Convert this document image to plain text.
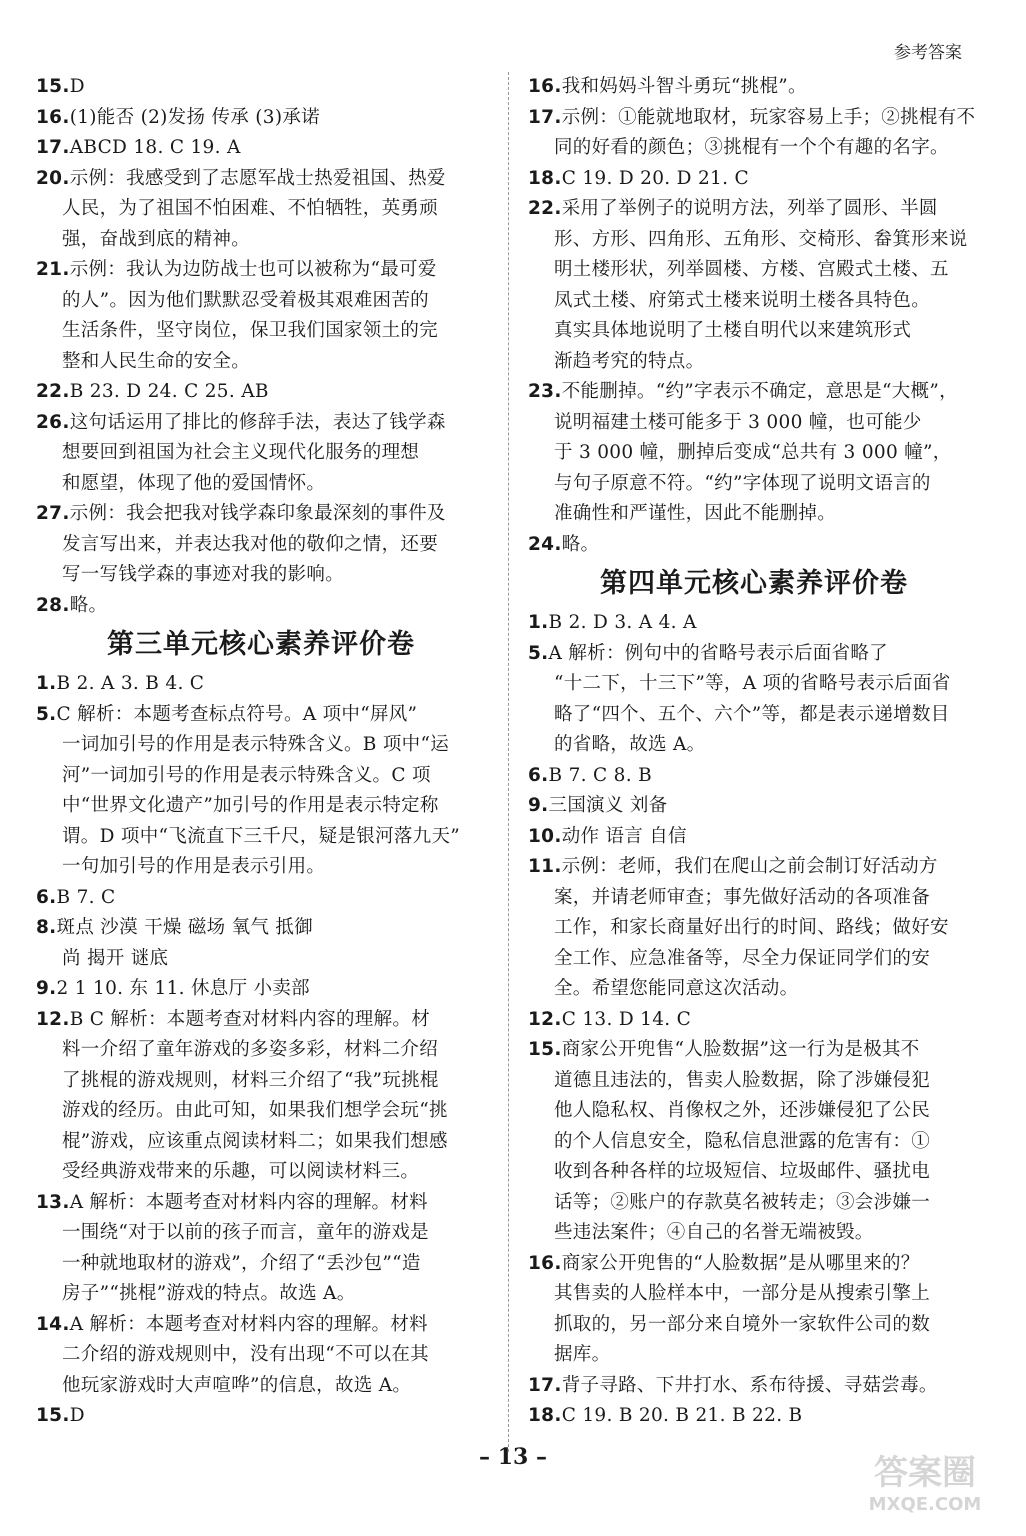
参考答案
15.D
16.(1)能否 (2)发扬 传承 (3)承诺
17.ABCD 18. C 19. A
20.示例：我感受到了志愿军战士热爱祖国、热爱
人民，为了祖国不怕困难、不怕牺牲，英勇顽
强，奋战到底的精神。
21.示例：我认为边防战士也可以被称为“最可爱
的人”。因为他们默默忍受着极其艰难困苦的
生活条件，坚守岗位，保卫我们国家领土的完
整和人民生命的安全。
22.B 23. D 24. C 25. AB
26.这句话运用了排比的修辞手法，表达了钱学森
想要回到祖国为社会主义现代化服务的理想
和愿望，体现了他的爱国情怀。
27.示例：我会把我对钱学森印象最深刻的事件及
发言写出来，并表达我对他的敬仰之情，还要
写一写钱学森的事迹对我的影响。
28.略。
第三单元核心素养评价卷
1.B 2. A 3. B 4. C
5.C 解析：本题考查标点符号。A 项中“屏风”
一词加引号的作用是表示特殊含义。B 项中“运
河”一词加引号的作用是表示特殊含义。C 项
中“世界文化遗产”加引号的作用是表示特定称
谓。D 项中“飞流直下三千尺，疑是银河落九天”
一句加引号的作用是表示引用。
6.B 7. C
8.斑点 沙漠 干燥 磁场 氧气 抵御
尚 揭开 谜底
9.2 1 10. 东 11. 休息厅 小卖部
12.B C 解析：本题考查对材料内容的理解。材
料一介绍了童年游戏的多姿多彩，材料二介绍
了挑棍的游戏规则，材料三介绍了“我”玩挑棍
游戏的经历。由此可知，如果我们想学会玩“挑
棍”游戏，应该重点阅读材料二；如果我们想感
受经典游戏带来的乐趣，可以阅读材料三。
13.A 解析：本题考查对材料内容的理解。材料
一围绕“对于以前的孩子而言，童年的游戏是
一种就地取材的游戏”，介绍了“丢沙包”“造
房子”“挑棍”游戏的特点。故选 A。
14.A 解析：本题考查对材料内容的理解。材料
二介绍的游戏规则中，没有出现“不可以在其
他玩家游戏时大声喧哗”的信息，故选 A。
15.D
16.我和妈妈斗智斗勇玩“挑棍”。
17.示例：①能就地取材，玩家容易上手；②挑棍有不
同的好看的颜色；③挑棍有一个个有趣的名字。
18.C 19. D 20. D 21. C
22.采用了举例子的说明方法，列举了圆形、半圆
形、方形、四角形、五角形、交椅形、畚箕形来说
明土楼形状，列举圆楼、方楼、宫殿式土楼、五
凤式土楼、府第式土楼来说明土楼各具特色。
真实具体地说明了土楼自明代以来建筑形式
渐趋考究的特点。
23.不能删掉。“约”字表示不确定，意思是“大概”，
说明福建土楼可能多于 3 000 幢，也可能少
于 3 000 幢，删掉后变成“总共有 3 000 幢”，
与句子原意不符。“约”字体现了说明文语言的
准确性和严谨性，因此不能删掉。
24.略。
第四单元核心素养评价卷
1.B 2. D 3. A 4. A
5.A 解析：例句中的省略号表示后面省略了
“十二下，十三下”等，A 项的省略号表示后面省
略了“四个、五个、六个”等，都是表示递增数目
的省略，故选 A。
6.B 7. C 8. B
9.三国演义 刘备
10.动作 语言 自信
11.示例：老师，我们在爬山之前会制订好活动方
案，并请老师审查；事先做好活动的各项准备
工作，和家长商量好出行的时间、路线；做好安
全工作、应急准备等，尽全力保证同学们的安
全。希望您能同意这次活动。
12.C 13. D 14. C
15.商家公开兜售“人脸数据”这一行为是极其不
道德且违法的，售卖人脸数据，除了涉嫌侵犯
他人隐私权、肖像权之外，还涉嫌侵犯了公民
的个人信息安全，隐私信息泄露的危害有：①
收到各种各样的垃圾短信、垃圾邮件、骚扰电
话等；②账户的存款莫名被转走；③会涉嫌一
些违法案件；④自己的名誉无端被毁。
16.商家公开兜售的“人脸数据”是从哪里来的？
其售卖的人脸样本中，一部分是从搜索引擎上
抓取的，另一部分来自境外一家软件公司的数
据库。
17.背子寻路、下井打水、系布待援、寻菇尝毒。
18.C 19. B 20. B 21. B 22. B
– 13 –	答案圈
MXQE.COM
